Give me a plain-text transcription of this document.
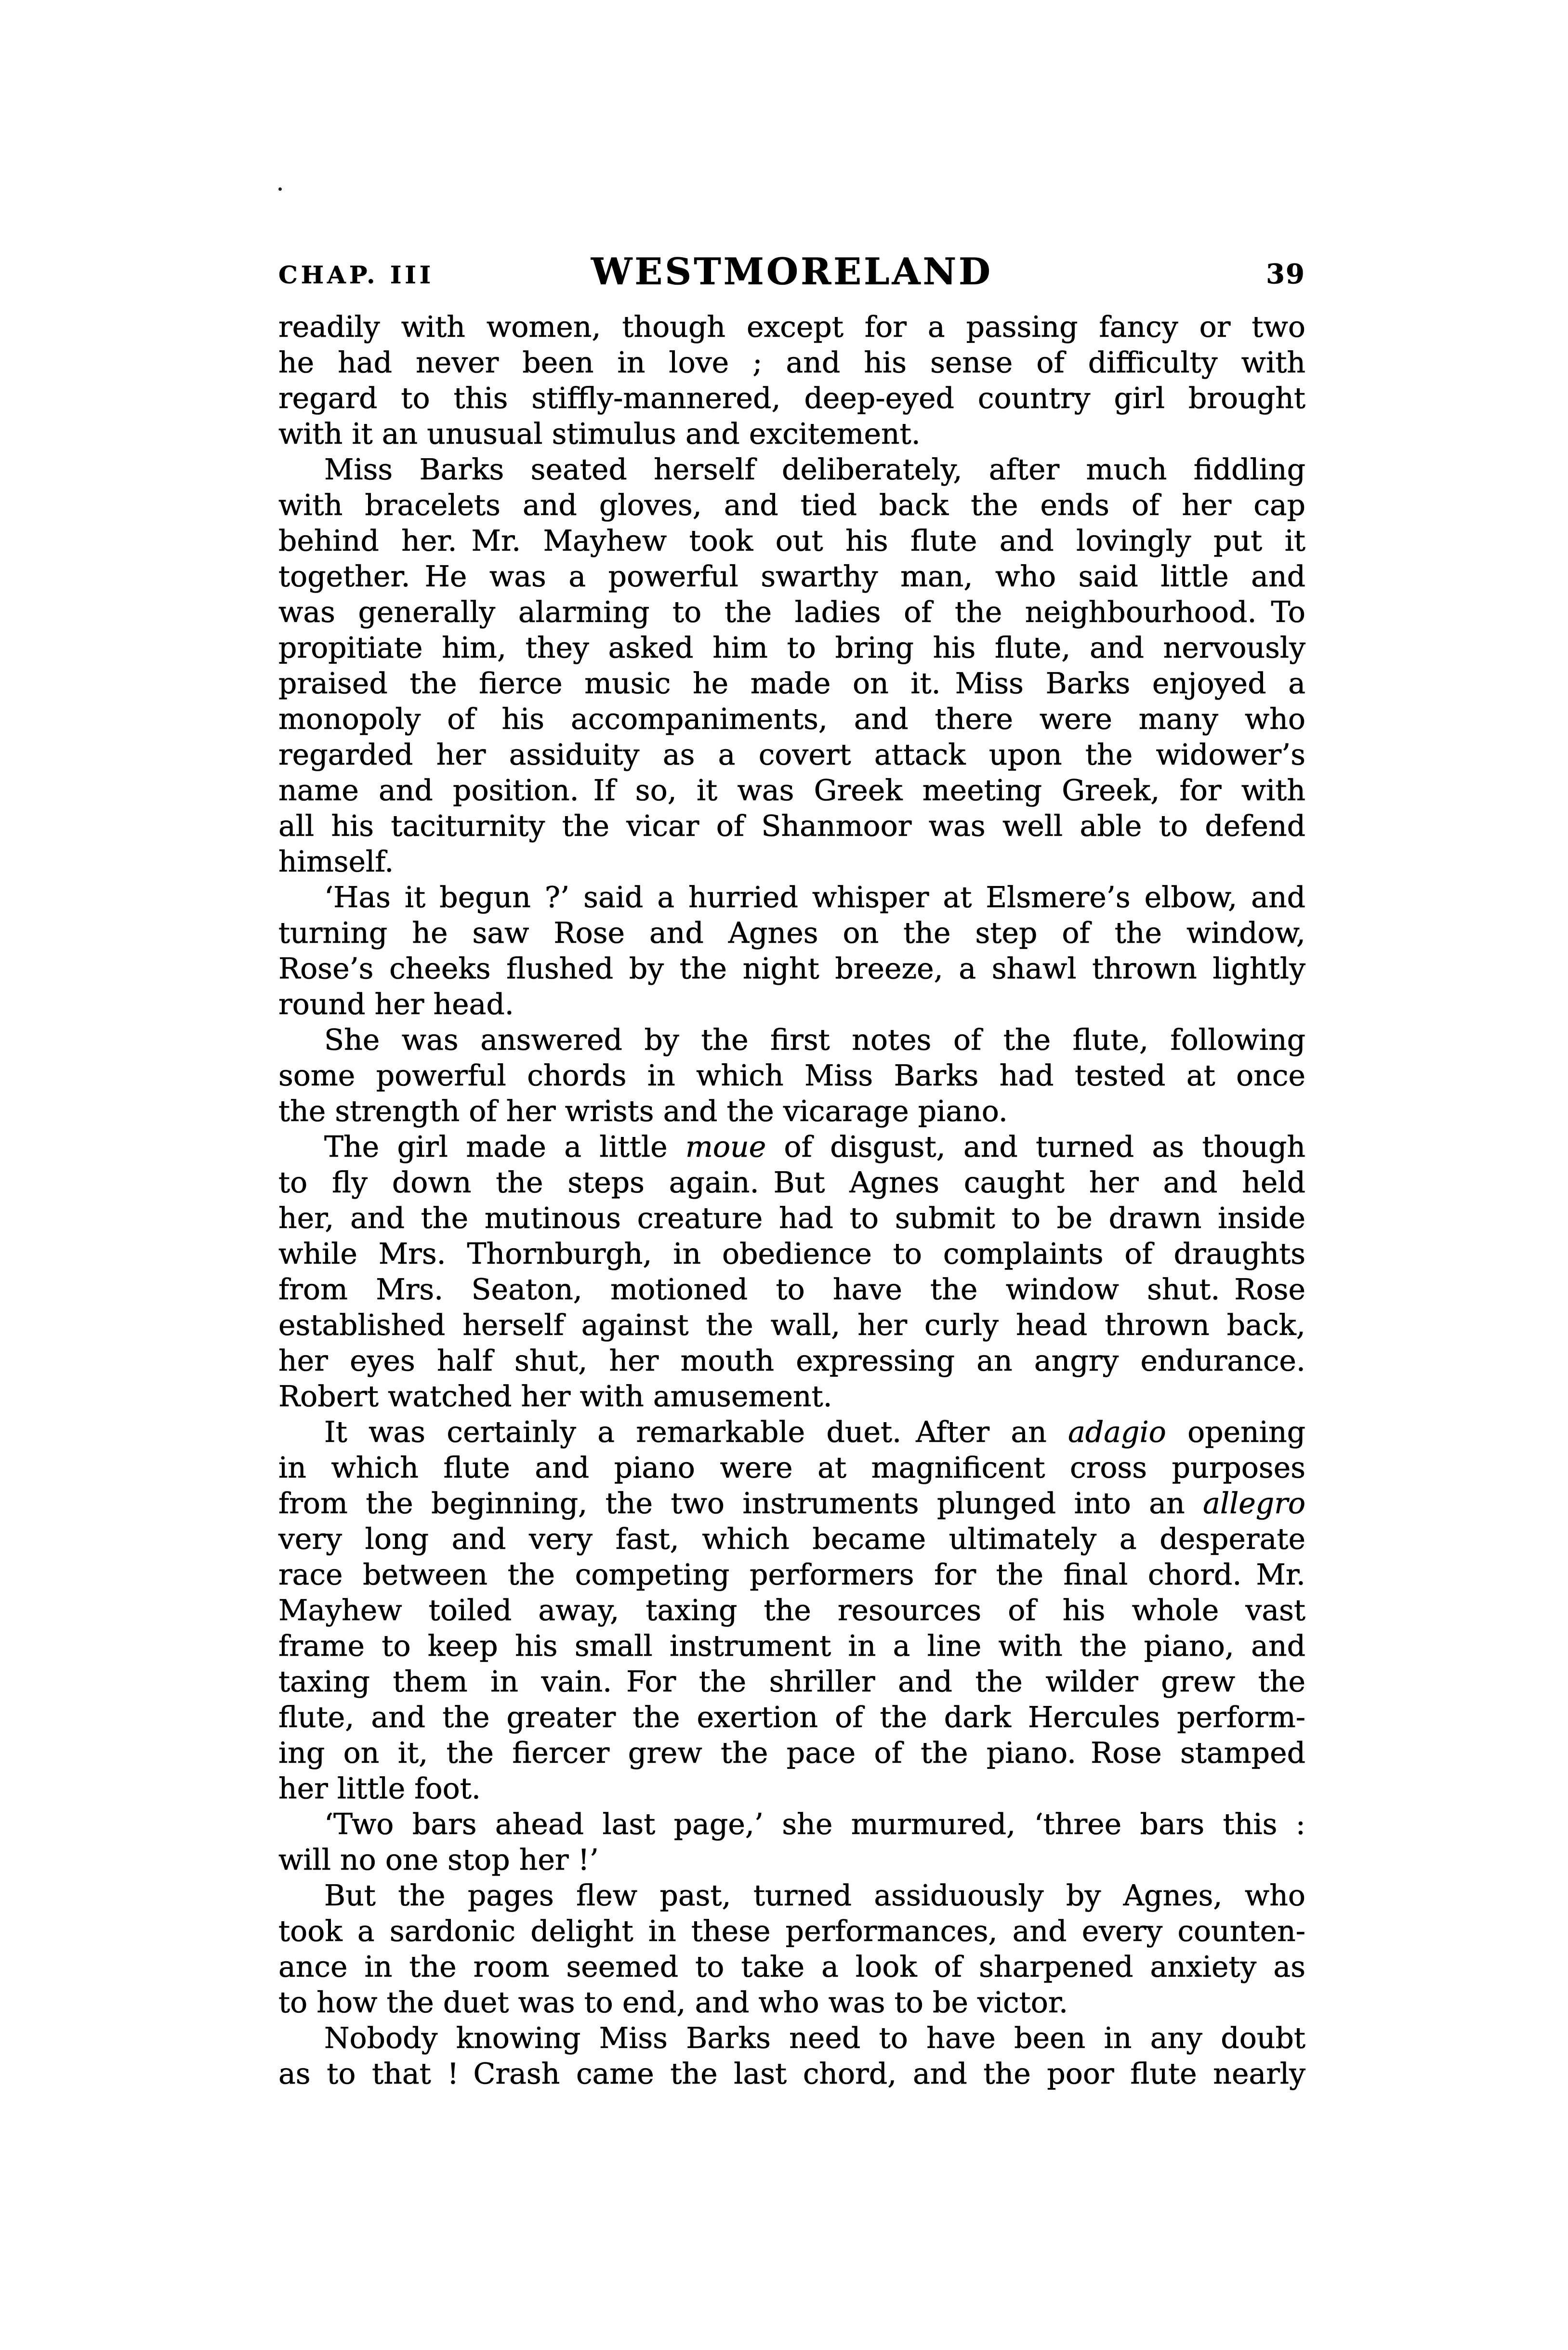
CHAP. III	WESTMORELAND	39
readily with women, though except for a passing fancy or two
he had never been in love ; and his sense of difficulty with
regard to this stiffly-mannered, deep-eyed country girl brought
with it an unusual stimulus and excitement.
Miss Barks seated herself deliberately, after much fiddling
with bracelets and gloves, and tied back the ends of her cap
behind her. Mr. Mayhew took out his flute and lovingly put it
together. He was a powerful swarthy man, who said little and
was generally alarming to the ladies of the neighbourhood. To
propitiate him, they asked him to bring his flute, and nervously
praised the fierce music he made on it. Miss Barks enjoyed a
monopoly of his accompaniments, and there were many who
regarded her assiduity as a covert attack upon the widower’s
name and position. If so, it was Greek meeting Greek, for with
all his taciturnity the vicar of Shanmoor was well able to defend
himself.
‘Has it begun ?’ said a hurried whisper at Elsmere’s elbow, and
turning he saw Rose and Agnes on the step of the window,
Rose’s cheeks flushed by the night breeze, a shawl thrown lightly
round her head.
She was answered by the first notes of the flute, following
some powerful chords in which Miss Barks had tested at once
the strength of her wrists and the vicarage piano.
The girl made a little moue of disgust, and turned as though
to fly down the steps again. But Agnes caught her and held
her, and the mutinous creature had to submit to be drawn inside
while Mrs. Thornburgh, in obedience to complaints of draughts
from Mrs. Seaton, motioned to have the window shut. Rose
established herself against the wall, her curly head thrown back,
her eyes half shut, her mouth expressing an angry endurance.
Robert watched her with amusement.
It was certainly a remarkable duet. After an adagio opening
in which flute and piano were at magnificent cross purposes
from the beginning, the two instruments plunged into an allegro
very long and very fast, which became ultimately a desperate
race between the competing performers for the final chord. Mr.
Mayhew toiled away, taxing the resources of his whole vast
frame to keep his small instrument in a line with the piano, and
taxing them in vain. For the shriller and the wilder grew the
flute, and the greater the exertion of the dark Hercules perform-
ing on it, the fiercer grew the pace of the piano. Rose stamped
her little foot.
‘Two bars ahead last page,’ she murmured, ‘three bars this :
will no one stop her !’
But the pages flew past, turned assiduously by Agnes, who
took a sardonic delight in these performances, and every counten-
ance in the room seemed to take a look of sharpened anxiety as
to how the duet was to end, and who was to be victor.
Nobody knowing Miss Barks need to have been in any doubt
as to that ! Crash came the last chord, and the poor flute nearly
